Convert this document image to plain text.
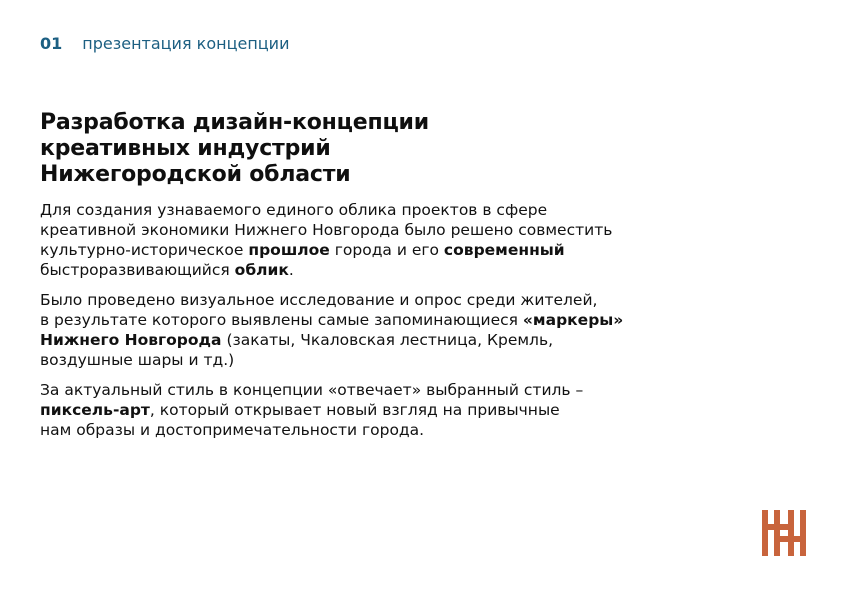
01 презентация концепции
Разработка дизайн-концепции
креативных индустрий
Нижегородской области
Для создания узнаваемого единого облика проектов в сфере
креативной экономики Нижнего Новгорода было решено совместить
культурно-историческое прошлое города и его современный
быстроразвивающийся облик.
Было проведено визуальное исследование и опрос среди жителей,
в результате которого выявлены самые запоминающиеся «маркеры»
Нижнего Новгорода (закаты, Чкаловская лестница, Кремль,
воздушные шары и тд.)
За актуальный стиль в концепции «отвечает» выбранный стиль –
пиксель-арт, который открывает новый взгляд на привычные
нам образы и достопримечательности города.
